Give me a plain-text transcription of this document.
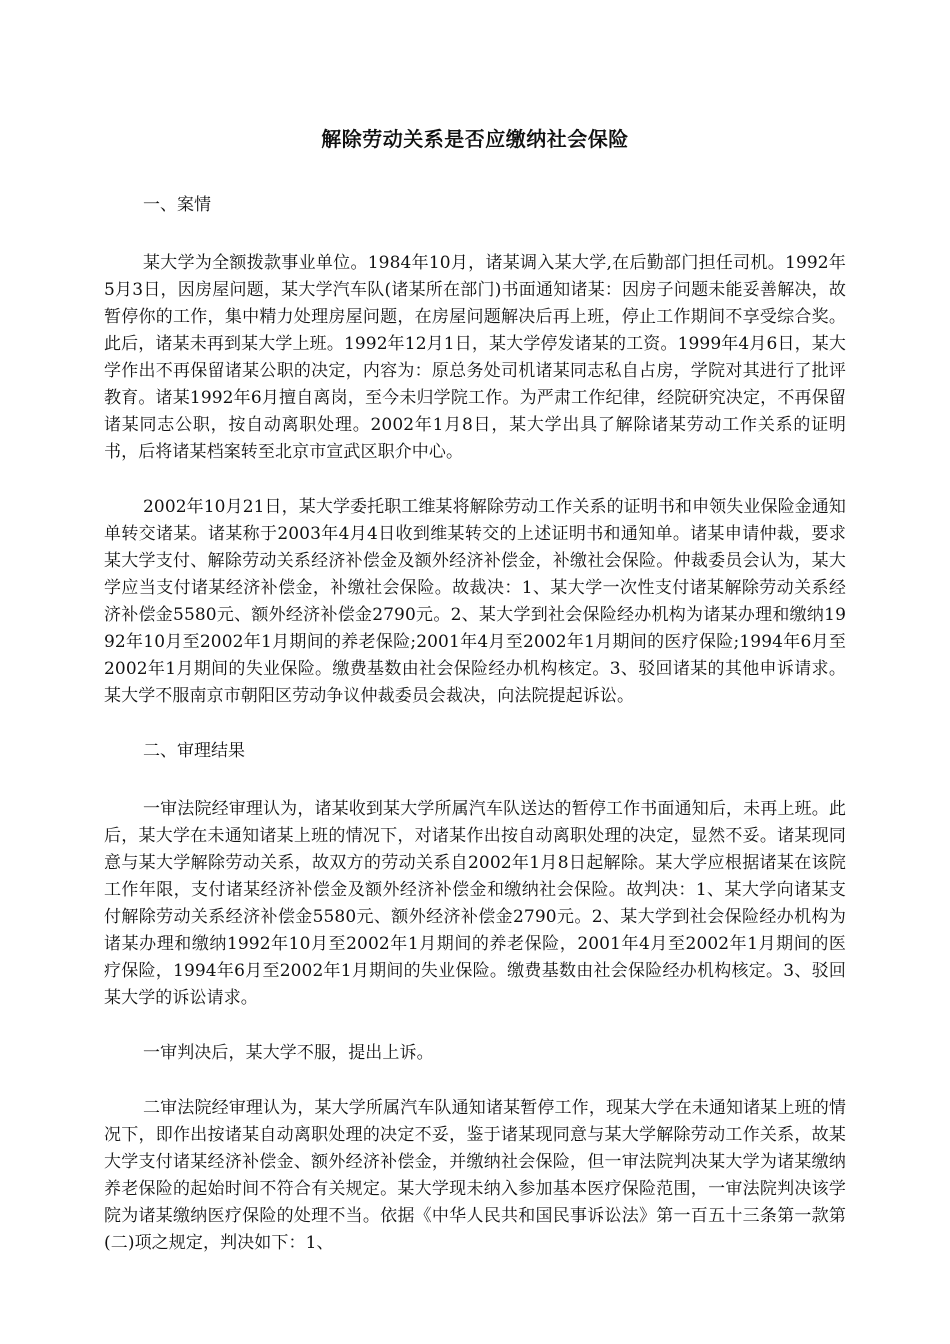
解除劳动关系是否应缴纳社会保险
一、案情

某大学为全额拨款事业单位。1984年10月，诸某调入某大学,在后勤部门担任司机。1992年5月3日，因房屋问题，某大学汽车队(诸某所在部门)书面通知诸某：因房子问题未能妥善解决，故暂停你的工作，集中精力处理房屋问题，在房屋问题解决后再上班，停止工作期间不享受综合奖。此后，诸某未再到某大学上班。1992年12月1日，某大学停发诸某的工资。1999年4月6日，某大学作出不再保留诸某公职的决定，内容为：原总务处司机诸某同志私自占房，学院对其进行了批评教育。诸某1992年6月擅自离岗，至今未归学院工作。为严肃工作纪律，经院研究决定，不再保留诸某同志公职，按自动离职处理。2002年1月8日，某大学出具了解除诸某劳动工作关系的证明书，后将诸某档案转至北京市宣武区职介中心。

2002年10月21日，某大学委托职工维某将解除劳动工作关系的证明书和申领失业保险金通知单转交诸某。诸某称于2003年4月4日收到维某转交的上述证明书和通知单。诸某申请仲裁，要求某大学支付、解除劳动关系经济补偿金及额外经济补偿金，补缴社会保险。仲裁委员会认为，某大学应当支付诸某经济补偿金，补缴社会保险。故裁决：1、某大学一次性支付诸某解除劳动关系经济补偿金5580元、额外经济补偿金2790元。2、某大学到社会保险经办机构为诸某办理和缴纳1992年10月至2002年1月期间的养老保险;2001年4月至2002年1月期间的医疗保险;1994年6月至2002年1月期间的失业保险。缴费基数由社会保险经办机构核定。3、驳回诸某的其他申诉请求。某大学不服南京市朝阳区劳动争议仲裁委员会裁决，向法院提起诉讼。

二、审理结果

一审法院经审理认为，诸某收到某大学所属汽车队送达的暂停工作书面通知后，未再上班。此后，某大学在未通知诸某上班的情况下，对诸某作出按自动离职处理的决定，显然不妥。诸某现同意与某大学解除劳动关系，故双方的劳动关系自2002年1月8日起解除。某大学应根据诸某在该院工作年限，支付诸某经济补偿金及额外经济补偿金和缴纳社会保险。故判决：1、某大学向诸某支付解除劳动关系经济补偿金5580元、额外经济补偿金2790元。2、某大学到社会保险经办机构为诸某办理和缴纳1992年10月至2002年1月期间的养老保险，2001年4月至2002年1月期间的医疗保险，1994年6月至2002年1月期间的失业保险。缴费基数由社会保险经办机构核定。3、驳回某大学的诉讼请求。

一审判决后，某大学不服，提出上诉。

二审法院经审理认为，某大学所属汽车队通知诸某暂停工作，现某大学在未通知诸某上班的情况下，即作出按诸某自动离职处理的决定不妥，鉴于诸某现同意与某大学解除劳动工作关系，故某大学支付诸某经济补偿金、额外经济补偿金，并缴纳社会保险，但一审法院判决某大学为诸某缴纳养老保险的起始时间不符合有关规定。某大学现未纳入参加基本医疗保险范围，一审法院判决该学院为诸某缴纳医疗保险的处理不当。依据《中华人民共和国民事诉讼法》第一百五十三条第一款第(二)项之规定，判决如下：1、
